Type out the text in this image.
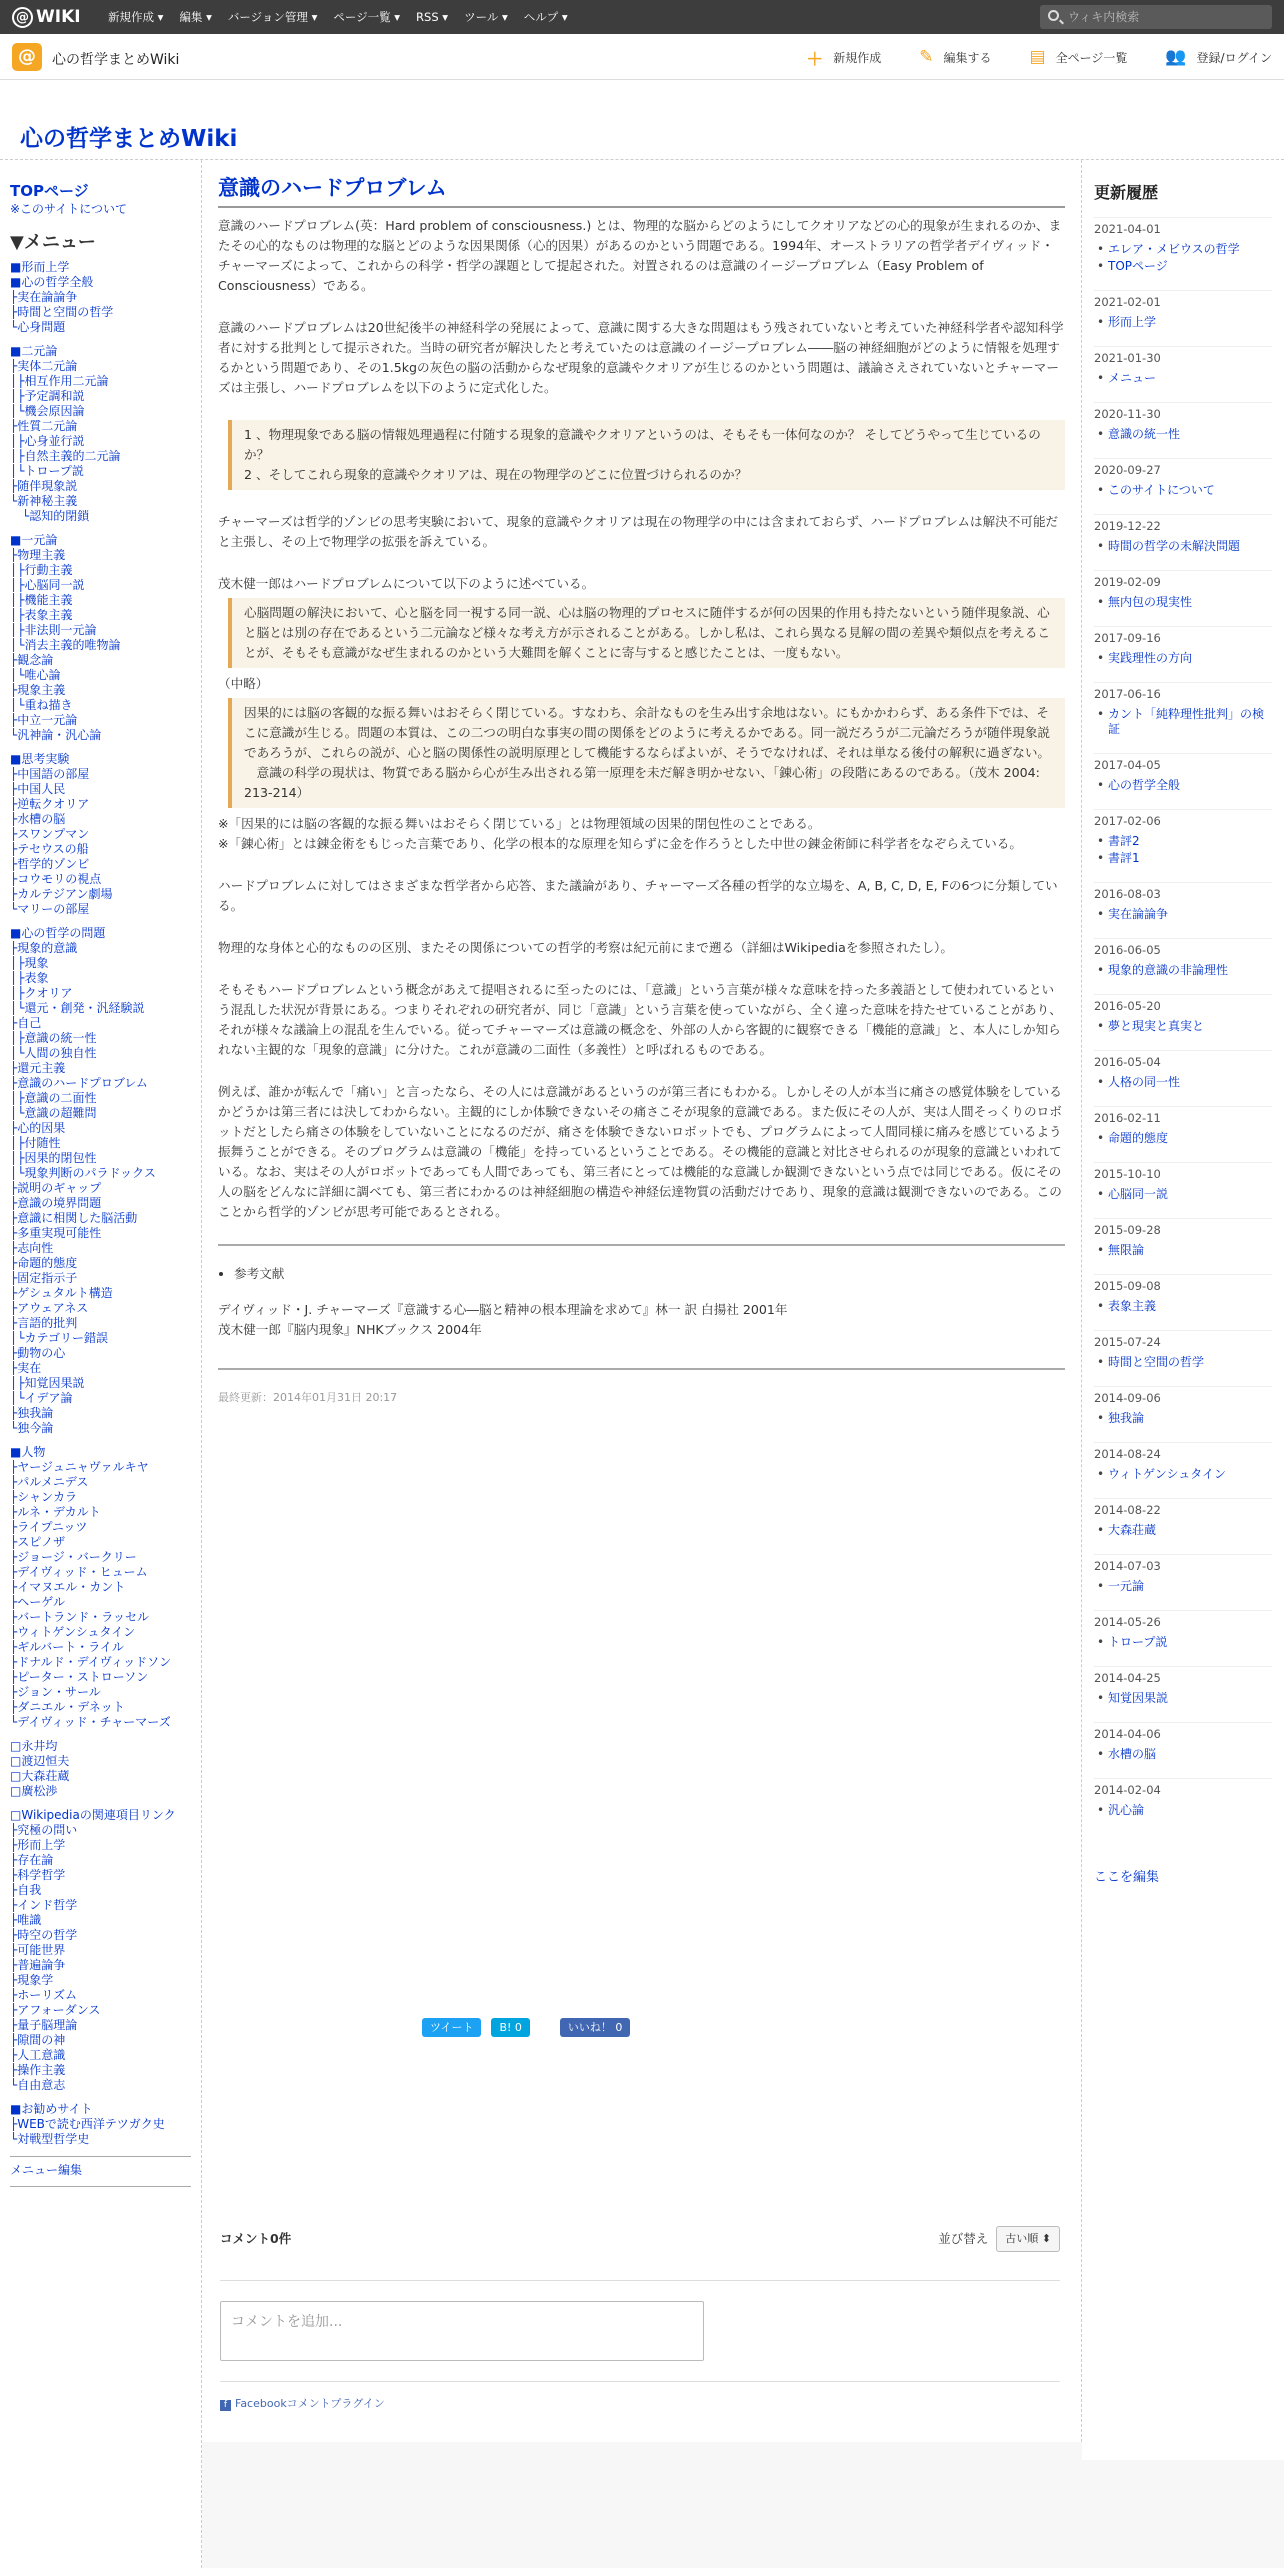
@ WIKI 新規作成 ▾ 編集 ▾ バージョン管理 ▾ ページ一覧 ▾ RSS ▾ ツール ▾ ヘルプ ▾	ウィキ内検索
@	心の哲学まとめWiki	＋ 新規作成 ✎ 編集する ▤ 全ページ一覧 👥 登録/ログイン
心の哲学まとめWiki
TOPページ
※このサイトについて
▼メニュー
■形而上学
■心の哲学全般
├実在論論争
├時間と空間の哲学
└心身問題
■二元論
├実体二元論
│├相互作用二元論
│├予定調和説
│└機会原因論
├性質二元論
│├心身並行説
│├自然主義的二元論
│└トロープ説
├随伴現象説
└新神秘主義
　└認知的閉鎖
■一元論
├物理主義
│├行動主義
│├心脳同一説
│├機能主義
│├表象主義
│├非法則一元論
│└消去主義的唯物論
├観念論
│└唯心論
├現象主義
│└重ね描き
├中立一元論
└汎神論・汎心論
■思考実験
├中国語の部屋
├中国人民
├逆転クオリア
├水槽の脳
├スワンプマン
├テセウスの船
├哲学的ゾンビ
├コウモリの視点
├カルテジアン劇場
└マリーの部屋
■心の哲学の問題
├現象的意識
│├現象
│├表象
│├クオリア
│└還元・創発・汎経験説
├自己
│├意識の統一性
│└人間の独自性
├還元主義
├意識のハードプロブレム
│├意識の二面性
│└意識の超難問
├心的因果
│├付随性
│├因果的閉包性
│└現象判断のパラドックス
├説明のギャップ
├意識の境界問題
├意識に相関した脳活動
├多重実現可能性
├志向性
├命題的態度
├固定指示子
├ゲシュタルト構造
├アウェアネス
├言語的批判
│└カテゴリー錯誤
├動物の心
├実在
│├知覚因果説
│└イデア論
├独我論
└独今論
■人物
├ヤージュニャヴァルキヤ
├パルメニデス
├シャンカラ
├ルネ・デカルト
├ライプニッツ
├スピノザ
├ジョージ・バークリー
├デイヴィッド・ヒューム
├イマヌエル・カント
├ヘーゲル
├バートランド・ラッセル
├ウィトゲンシュタイン
├ギルバート・ライル
├ドナルド・デイヴィッドソン
├ピーター・ストローソン
├ジョン・サール
├ダニエル・デネット
└デイヴィッド・チャーマーズ
□永井均
□渡辺恒夫
□大森荘蔵
□廣松渉
□Wikipediaの関連項目リンク
├究極の問い
├形而上学
├存在論
├科学哲学
├自我
├インド哲学
├唯識
├時空の哲学
├可能世界
├普遍論争
├現象学
├ホーリズム
├アフォーダンス
├量子脳理論
├隙間の神
├人工意識
├操作主義
└自由意志
■お勧めサイト
├WEBで読む西洋テツガク史
└対戦型哲学史
メニュー編集
意識のハードプロブレム

意識のハードプロブレム(英：Hard problem of consciousness.) とは、物理的な脳からどのようにしてクオリアなどの心的現象が生まれるのか、またその心的なものは物理的な脳とどのような因果関係（心的因果）があるのかという問題である。1994年、オーストラリアの哲学者デイヴィッド・チャーマーズによって、これからの科学・哲学の課題として提起された。対置されるのは意識のイージープロブレム（Easy Problem of Consciousness）である。

意識のハードプロブレムは20世紀後半の神経科学の発展によって、意識に関する大きな問題はもう残されていないと考えていた神経科学者や認知科学者に対する批判として提示された。当時の研究者が解決したと考えていたのは意識のイージープロブレム――脳の神経細胞がどのように情報を処理するかという問題であり、その1.5kgの灰色の脳の活動からなぜ現象的意識やクオリアが生じるのかという問題は、議論さえされていないとチャーマーズは主張し、ハードプロブレムを以下のように定式化した。

1 、物理現象である脳の情報処理過程に付随する現象的意識やクオリアというのは、そもそも一体何なのか？ そしてどうやって生じているのか？
2 、そしてこれら現象的意識やクオリアは、現在の物理学のどこに位置づけられるのか？

チャーマーズは哲学的ゾンビの思考実験において、現象的意識やクオリアは現在の物理学の中には含まれておらず、ハードプロブレムは解決不可能だと主張し、その上で物理学の拡張を訴えている。

茂木健一郎はハードプロブレムについて以下のように述べている。
心脳問題の解決において、心と脳を同一視する同一説、心は脳の物理的プロセスに随伴するが何の因果的作用も持たないという随伴現象説、心と脳とは別の存在であるという二元論など様々な考え方が示されることがある。しかし私は、これら異なる見解の間の差異や類似点を考えることが、そもそも意識がなぜ生まれるのかという大難問を解くことに寄与すると感じたことは、一度もない。
（中略）
因果的には脳の客観的な振る舞いはおそらく閉じている。すなわち、余計なものを生み出す余地はない。にもかかわらず、ある条件下では、そこに意識が生じる。問題の本質は、この二つの明白な事実の間の関係をどのように考えるかである。同一説だろうが二元論だろうが随伴現象説であろうが、これらの説が、心と脳の関係性の説明原理として機能するならばよいが、そうでなければ、それは単なる後付の解釈に過ぎない。
　意識の科学の現状は、物質である脳から心が生み出される第一原理を未だ解き明かせない、「錬心術」の段階にあるのである。（茂木 2004: 213-214）
※「因果的には脳の客観的な振る舞いはおそらく閉じている」とは物理領域の因果的閉包性のことである。

※「錬心術」とは錬金術をもじった言葉であり、化学の根本的な原理を知らずに金を作ろうとした中世の錬金術師に科学者をなぞらえている。

ハードプロブレムに対してはさまざまな哲学者から応答、また議論があり、チャーマーズ各種の哲学的な立場を、A, B, C, D, E, Fの6つに分類している。

物理的な身体と心的なものの区別、またその関係についての哲学的考察は紀元前にまで遡る（詳細はWikipediaを参照されたし）。

そもそもハードプロブレムという概念があえて提唱されるに至ったのには、「意識」という言葉が様々な意味を持った多義語として使われているという混乱した状況が背景にある。つまりそれぞれの研究者が、同じ「意識」という言葉を使っていながら、全く違った意味を持たせていることがあり、それが様々な議論上の混乱を生んでいる。従ってチャーマーズは意識の概念を、外部の人から客観的に観察できる「機能的意識」と、本人にしか知られない主観的な「現象的意識」に分けた。これが意識の二面性（多義性）と呼ばれるものである。

例えば、誰かが転んで「痛い」と言ったなら、その人には意識があるというのが第三者にもわかる。しかしその人が本当に痛さの感覚体験をしているかどうかは第三者には決してわからない。主観的にしか体験できないその痛さこそが現象的意識である。また仮にその人が、実は人間そっくりのロボットだとしたら痛さの体験をしていないことになるのだが、痛さを体験できないロボットでも、プログラムによって人間同様に痛みを感じているよう振舞うことができる。そのプログラムは意識の「機能」を持っているということである。その機能的意識と対比させられるのが現象的意識といわれている。なお、実はその人がロボットであっても人間であっても、第三者にとっては機能的な意識しか観測できないという点では同じである。仮にその人の脳をどんなに詳細に調べても、第三者にわかるのは神経細胞の構造や神経伝達物質の活動だけであり、現象的意識は観測できないのである。このことから哲学的ゾンビが思考可能であるとされる。

• 参考文献
デイヴィッド・J. チャーマーズ『意識する心―脳と精神の根本理論を求めて』林一 訳 白揚社 2001年
茂木健一郎『脳内現象』NHKブックス 2004年
最終更新：2014年01月31日 20:17
コメント0件	並び替え	古い順 ⬍
コメントを追加...
f Facebookコメントプラグイン
ツイート	B! 0	いいね！ 0
更新履歴
2021-04-01
• エレア・メビウスの哲学
• TOPページ
2021-02-01
• 形而上学
2021-01-30
• メニュー
2020-11-30
• 意識の統一性
2020-09-27
• このサイトについて
2019-12-22
• 時間の哲学の未解決問題
2019-02-09
• 無内包の現実性
2017-09-16
• 実践理性の方向
2017-06-16
• カント「純粋理性批判」の検証
2017-04-05
• 心の哲学全般
2017-02-06
• 書評2
• 書評1
2016-08-03
• 実在論論争
2016-06-05
• 現象的意識の非論理性
2016-05-20
• 夢と現実と真実と
2016-05-04
• 人格の同一性
2016-02-11
• 命題的態度
2015-10-10
• 心脳同一説
2015-09-28
• 無限論
2015-09-08
• 表象主義
2015-07-24
• 時間と空間の哲学
2014-09-06
• 独我論
2014-08-24
• ウィトゲンシュタイン
2014-08-22
• 大森荘蔵
2014-07-03
• 一元論
2014-05-26
• トロープ説
2014-04-25
• 知覚因果説
2014-04-06
• 水槽の脳
2014-02-04
• 汎心論
ここを編集
